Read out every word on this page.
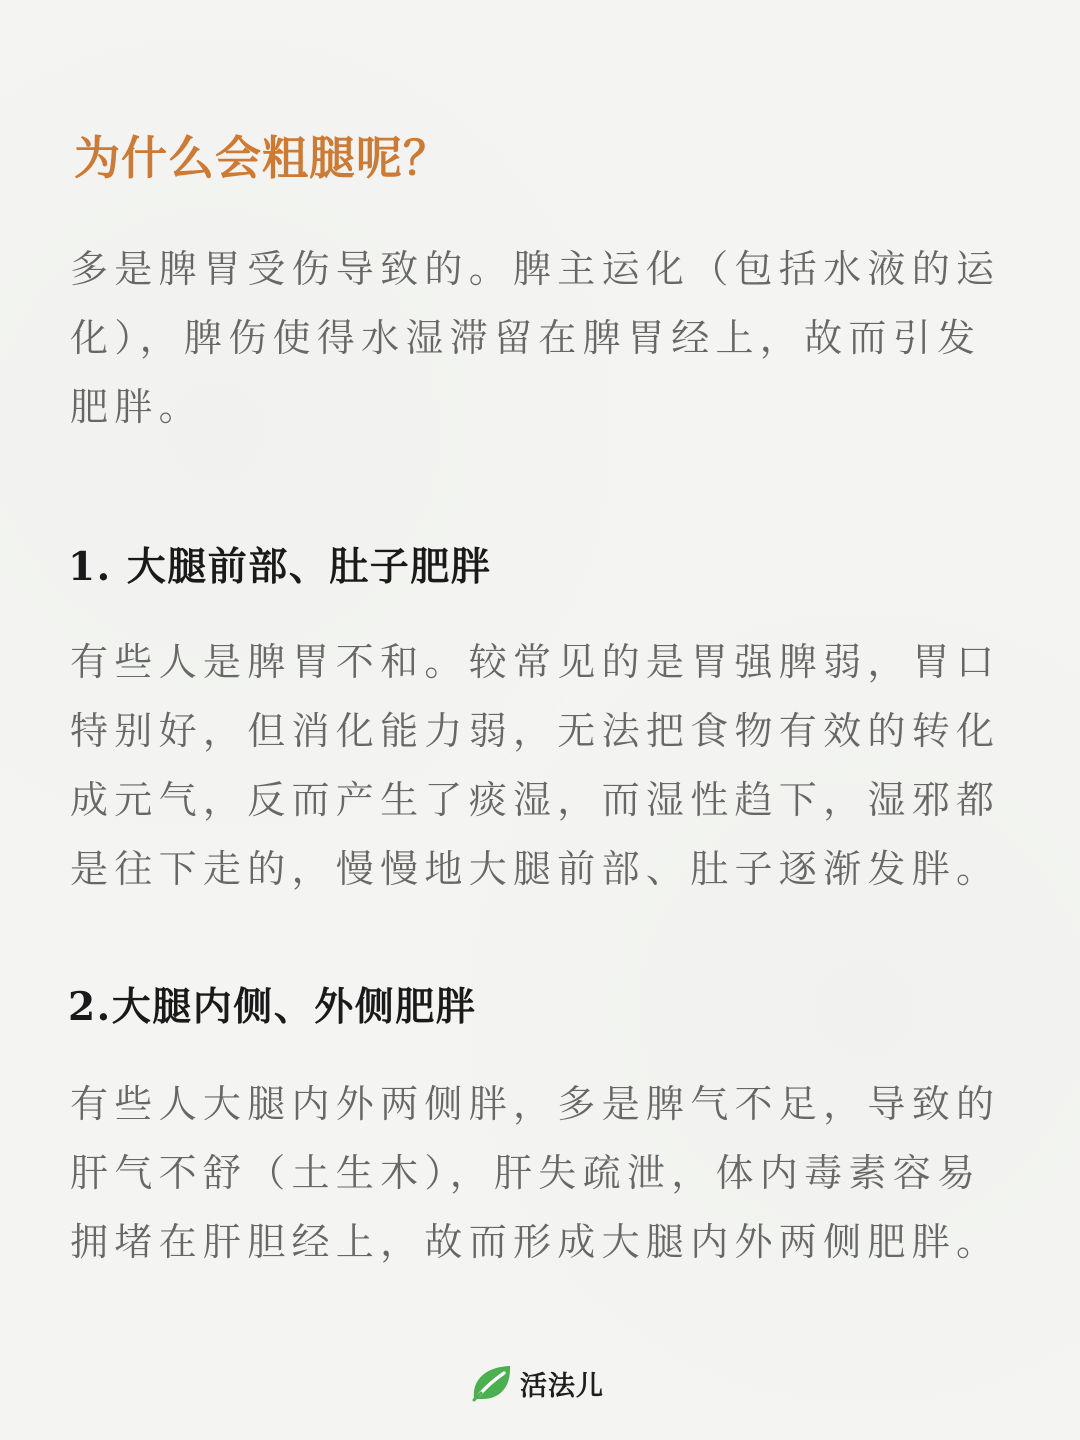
为什么会粗腿呢？
多是脾胃受伤导致的。脾主运化（包括水液的运化），脾伤使得水湿滞留在脾胃经上，故而引发肥胖。
1. 大腿前部、肚子肥胖
有些人是脾胃不和。较常见的是胃强脾弱，胃口特别好，但消化能力弱，无法把食物有效的转化成元气，反而产生了痰湿，而湿性趋下，湿邪都是往下走的，慢慢地大腿前部、肚子逐渐发胖。
2.大腿内侧、外侧肥胖
有些人大腿内外两侧胖，多是脾气不足，导致的肝气不舒（土生木），肝失疏泄，体内毒素容易拥堵在肝胆经上，故而形成大腿内外两侧肥胖。
活法儿
